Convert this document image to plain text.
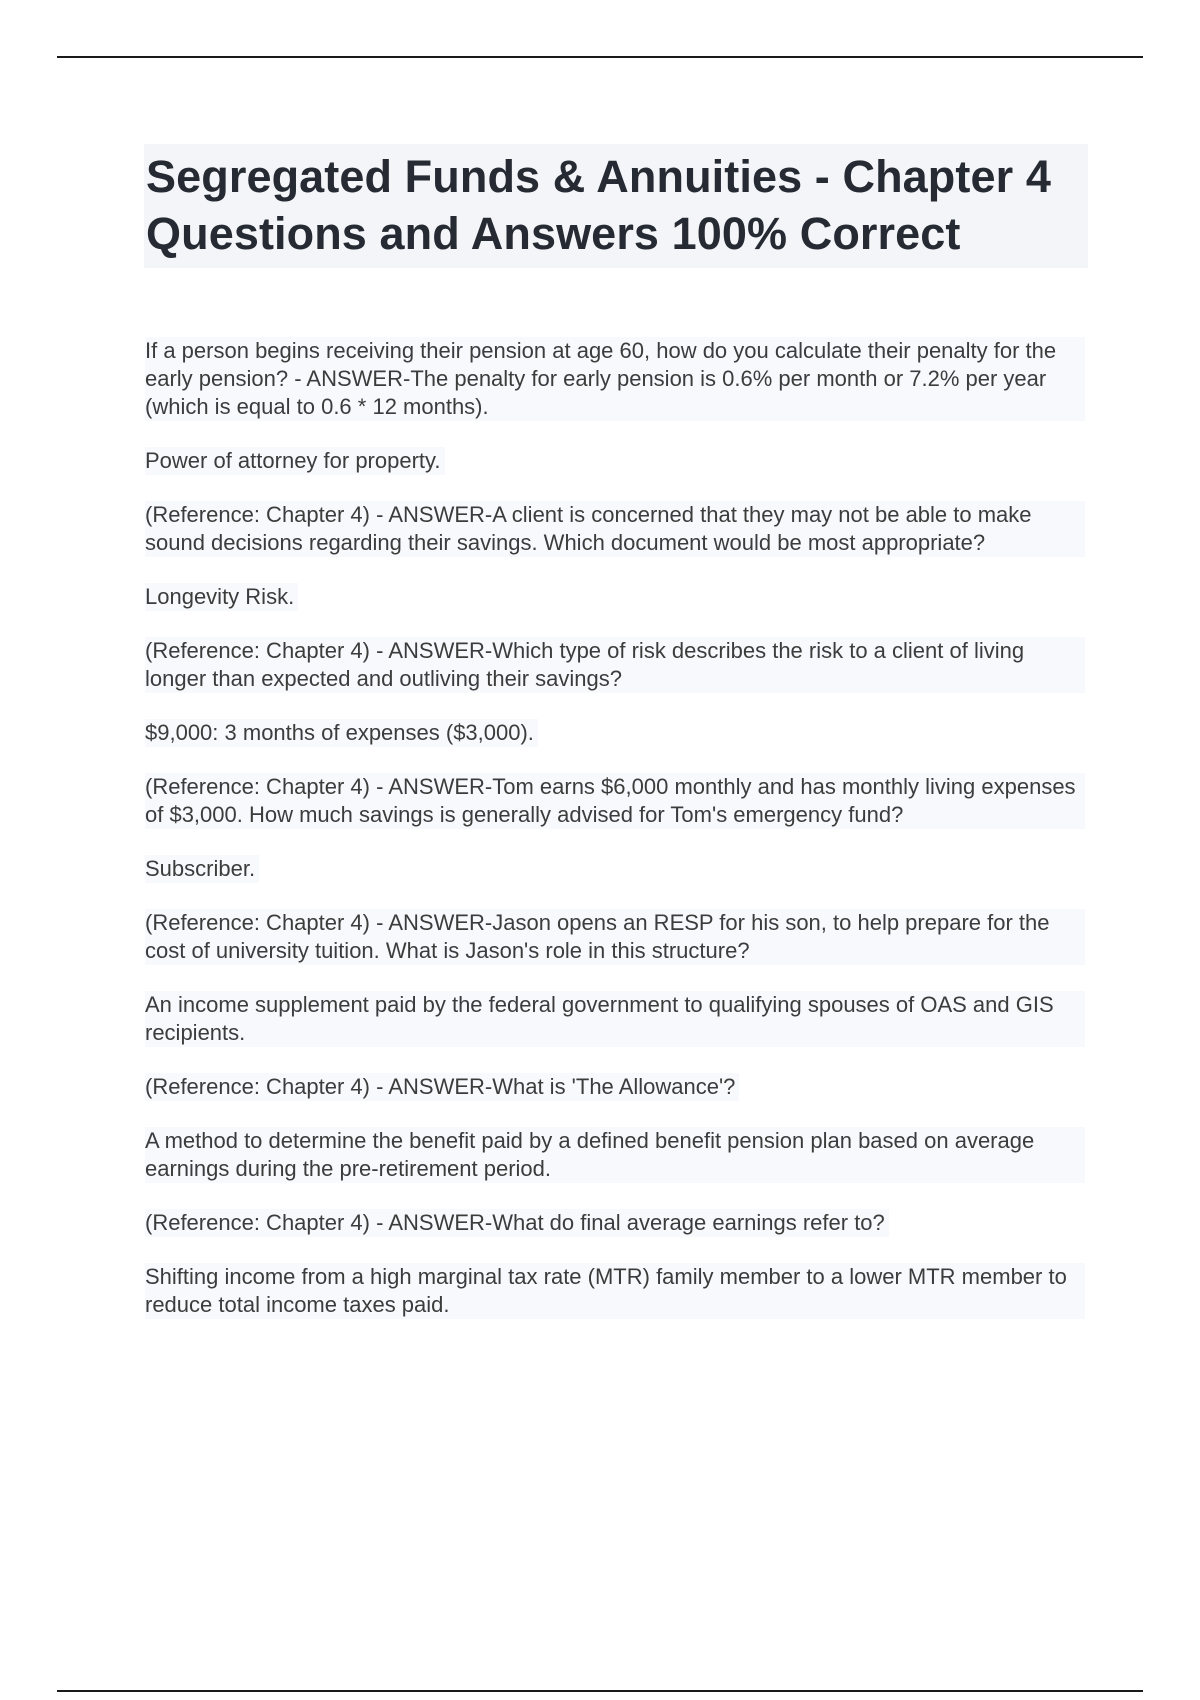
Segregated Funds & Annuities - Chapter 4 Questions and Answers 100% Correct

If a person begins receiving their pension at age 60, how do you calculate their penalty for the early pension? - ANSWER-The penalty for early pension is 0.6% per month or 7.2% per year (which is equal to 0.6 * 12 months).

Power of attorney for property.

(Reference: Chapter 4) - ANSWER-A client is concerned that they may not be able to make sound decisions regarding their savings. Which document would be most appropriate?

Longevity Risk.

(Reference: Chapter 4) - ANSWER-Which type of risk describes the risk to a client of living longer than expected and outliving their savings?

$9,000: 3 months of expenses ($3,000).

(Reference: Chapter 4) - ANSWER-Tom earns $6,000 monthly and has monthly living expenses of $3,000. How much savings is generally advised for Tom's emergency fund?

Subscriber.

(Reference: Chapter 4) - ANSWER-Jason opens an RESP for his son, to help prepare for the cost of university tuition. What is Jason's role in this structure?

An income supplement paid by the federal government to qualifying spouses of OAS and GIS recipients.

(Reference: Chapter 4) - ANSWER-What is 'The Allowance'?

A method to determine the benefit paid by a defined benefit pension plan based on average earnings during the pre-retirement period.

(Reference: Chapter 4) - ANSWER-What do final average earnings refer to?

Shifting income from a high marginal tax rate (MTR) family member to a lower MTR member to reduce total income taxes paid.
